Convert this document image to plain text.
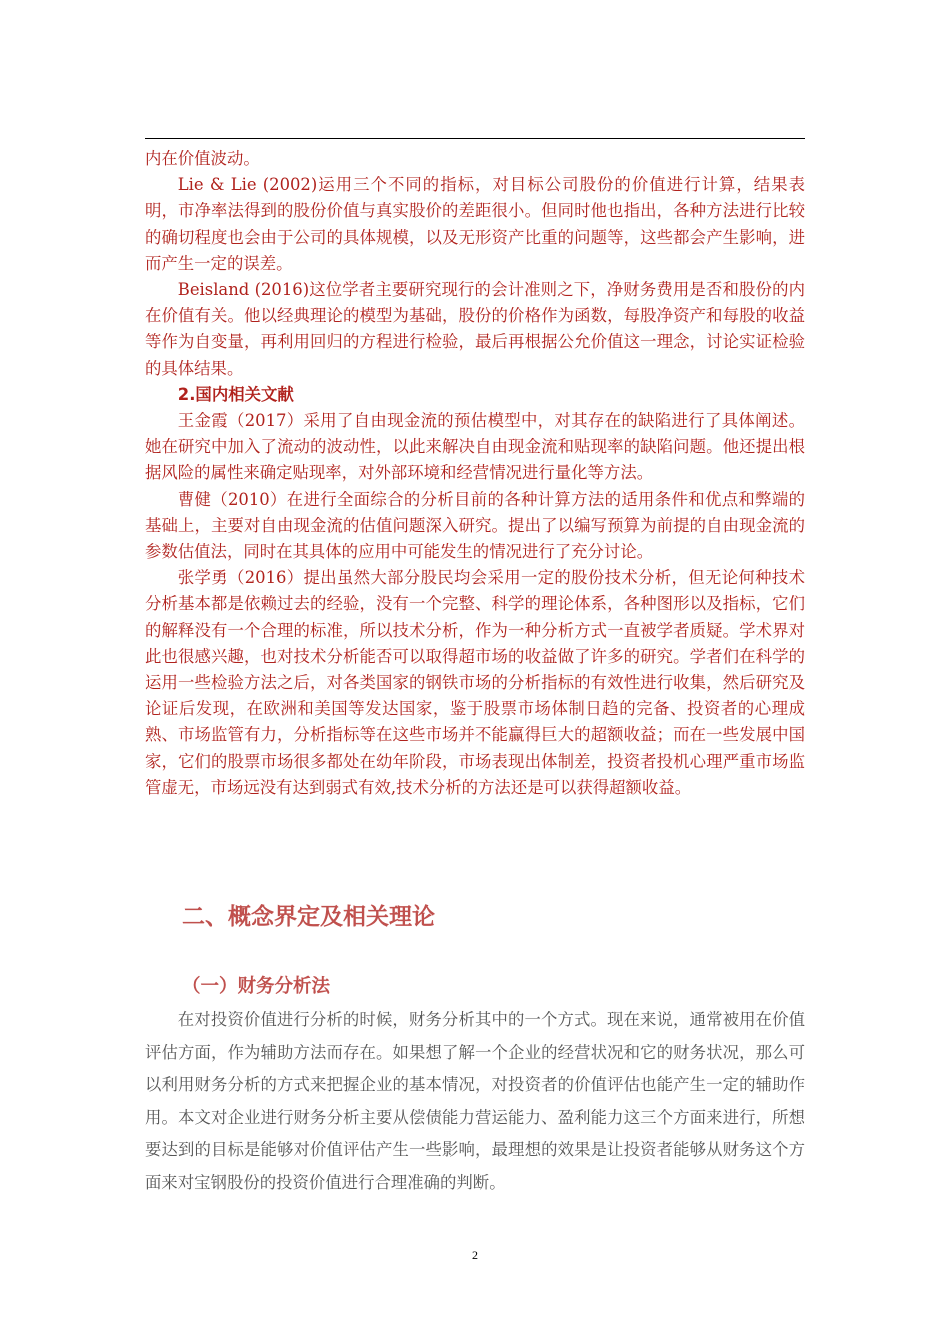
内在价值波动。

Lie & Lie (2002)运用三个不同的指标，对目标公司股份的价值进行计算，结果表明，市净率法得到的股份价值与真实股价的差距很小。但同时他也指出，各种方法进行比较的确切程度也会由于公司的具体规模，以及无形资产比重的问题等，这些都会产生影响，进而产生一定的误差。

Beisland (2016)这位学者主要研究现行的会计准则之下，净财务费用是否和股份的内在价值有关。他以经典理论的模型为基础，股份的价格作为函数，每股净资产和每股的收益等作为自变量，再利用回归的方程进行检验，最后再根据公允价值这一理念，讨论实证检验的具体结果。

2.国内相关文献

王金霞（2017）采用了自由现金流的预估模型中，对其存在的缺陷进行了具体阐述。她在研究中加入了流动的波动性，以此来解决自由现金流和贴现率的缺陷问题。他还提出根据风险的属性来确定贴现率，对外部环境和经营情况进行量化等方法。

曹健（2010）在进行全面综合的分析目前的各种计算方法的适用条件和优点和弊端的基础上，主要对自由现金流的估值问题深入研究。提出了以编写预算为前提的自由现金流的参数估值法，同时在其具体的应用中可能发生的情况进行了充分讨论。

张学勇（2016）提出虽然大部分股民均会采用一定的股份技术分析，但无论何种技术分析基本都是依赖过去的经验，没有一个完整、科学的理论体系，各种图形以及指标，它们的解释没有一个合理的标准，所以技术分析，作为一种分析方式一直被学者质疑。学术界对此也很感兴趣，也对技术分析能否可以取得超市场的收益做了许多的研究。学者们在科学的运用一些检验方法之后，对各类国家的钢铁市场的分析指标的有效性进行收集，然后研究及论证后发现，在欧洲和美国等发达国家，鉴于股票市场体制日趋的完备、投资者的心理成熟、市场监管有力，分析指标等在这些市场并不能赢得巨大的超额收益；而在一些发展中国家，它们的股票市场很多都处在幼年阶段，市场表现出体制差，投资者投机心理严重市场监管虚无，市场远没有达到弱式有效,技术分析的方法还是可以获得超额收益。

二、概念界定及相关理论
（一）财务分析法

在对投资价值进行分析的时候，财务分析其中的一个方式。现在来说，通常被用在价值评估方面，作为辅助方法而存在。如果想了解一个企业的经营状况和它的财务状况，那么可以利用财务分析的方式来把握企业的基本情况，对投资者的价值评估也能产生一定的辅助作用。本文对企业进行财务分析主要从偿债能力营运能力、盈利能力这三个方面来进行，所想要达到的目标是能够对价值评估产生一些影响，最理想的效果是让投资者能够从财务这个方面来对宝钢股份的投资价值进行合理准确的判断。

2
